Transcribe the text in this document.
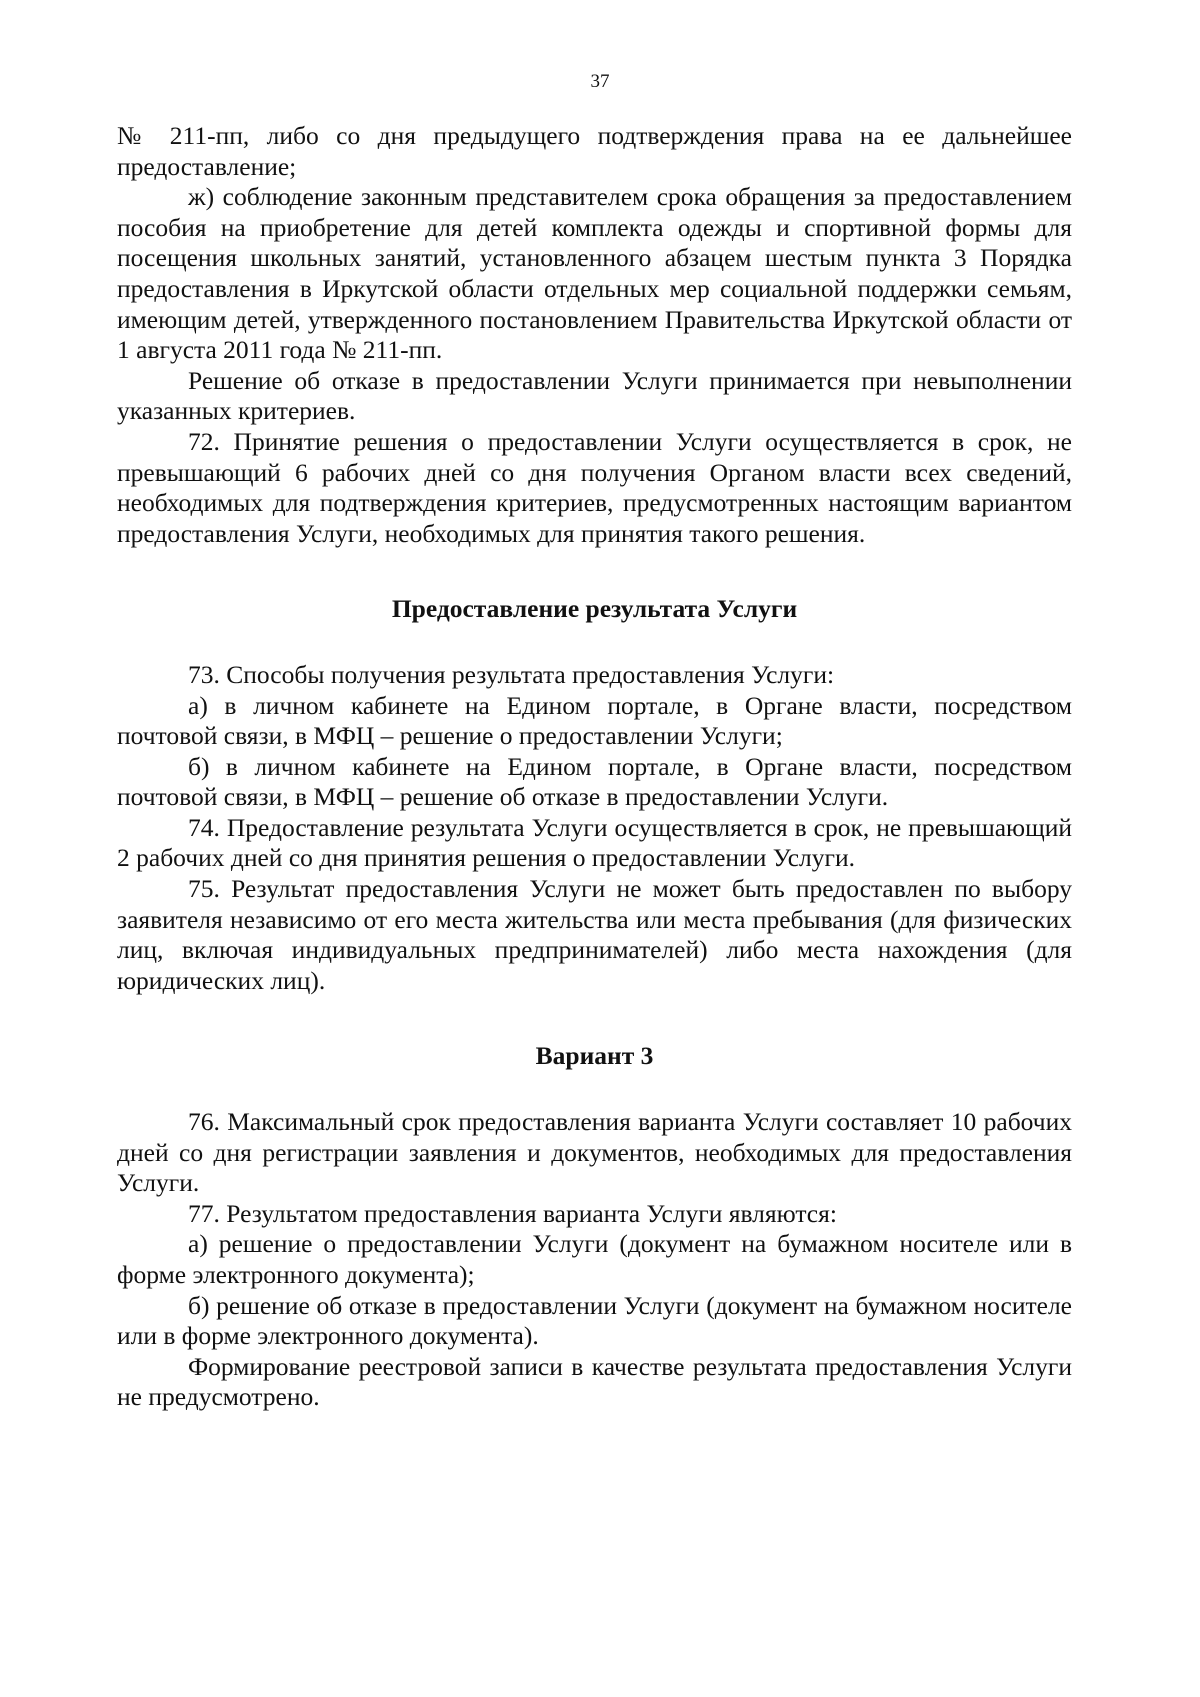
37

№ 211-пп, либо со дня предыдущего подтверждения права на ее дальнейшее предоставление;

ж) соблюдение законным представителем срока обращения за предоставлением пособия на приобретение для детей комплекта одежды и спортивной формы для посещения школьных занятий, установленного абзацем шестым пункта 3 Порядка предоставления в Иркутской области отдельных мер социальной поддержки семьям, имеющим детей, утвержденного постановлением Правительства Иркутской области от 1 августа 2011 года № 211-пп.

Решение об отказе в предоставлении Услуги принимается при невыполнении указанных критериев.

72. Принятие решения о предоставлении Услуги осуществляется в срок, не превышающий 6 рабочих дней со дня получения Органом власти всех сведений, необходимых для подтверждения критериев, предусмотренных настоящим вариантом предоставления Услуги, необходимых для принятия такого решения.

Предоставление результата Услуги

73. Способы получения результата предоставления Услуги:

а) в личном кабинете на Едином портале, в Органе власти, посредством почтовой связи, в МФЦ – решение о предоставлении Услуги;

б) в личном кабинете на Едином портале, в Органе власти, посредством почтовой связи, в МФЦ – решение об отказе в предоставлении Услуги.

74. Предоставление результата Услуги осуществляется в срок, не превышающий 2 рабочих дней со дня принятия решения о предоставлении Услуги.

75. Результат предоставления Услуги не может быть предоставлен по выбору заявителя независимо от его места жительства или места пребывания (для физических лиц, включая индивидуальных предпринимателей) либо места нахождения (для юридических лиц).

Вариант 3

76. Максимальный срок предоставления варианта Услуги составляет 10 рабочих дней со дня регистрации заявления и документов, необходимых для предоставления Услуги.

77. Результатом предоставления варианта Услуги являются:

а) решение о предоставлении Услуги (документ на бумажном носителе или в форме электронного документа);

б) решение об отказе в предоставлении Услуги (документ на бумажном носителе или в форме электронного документа).

Формирование реестровой записи в качестве результата предоставления Услуги не предусмотрено.
